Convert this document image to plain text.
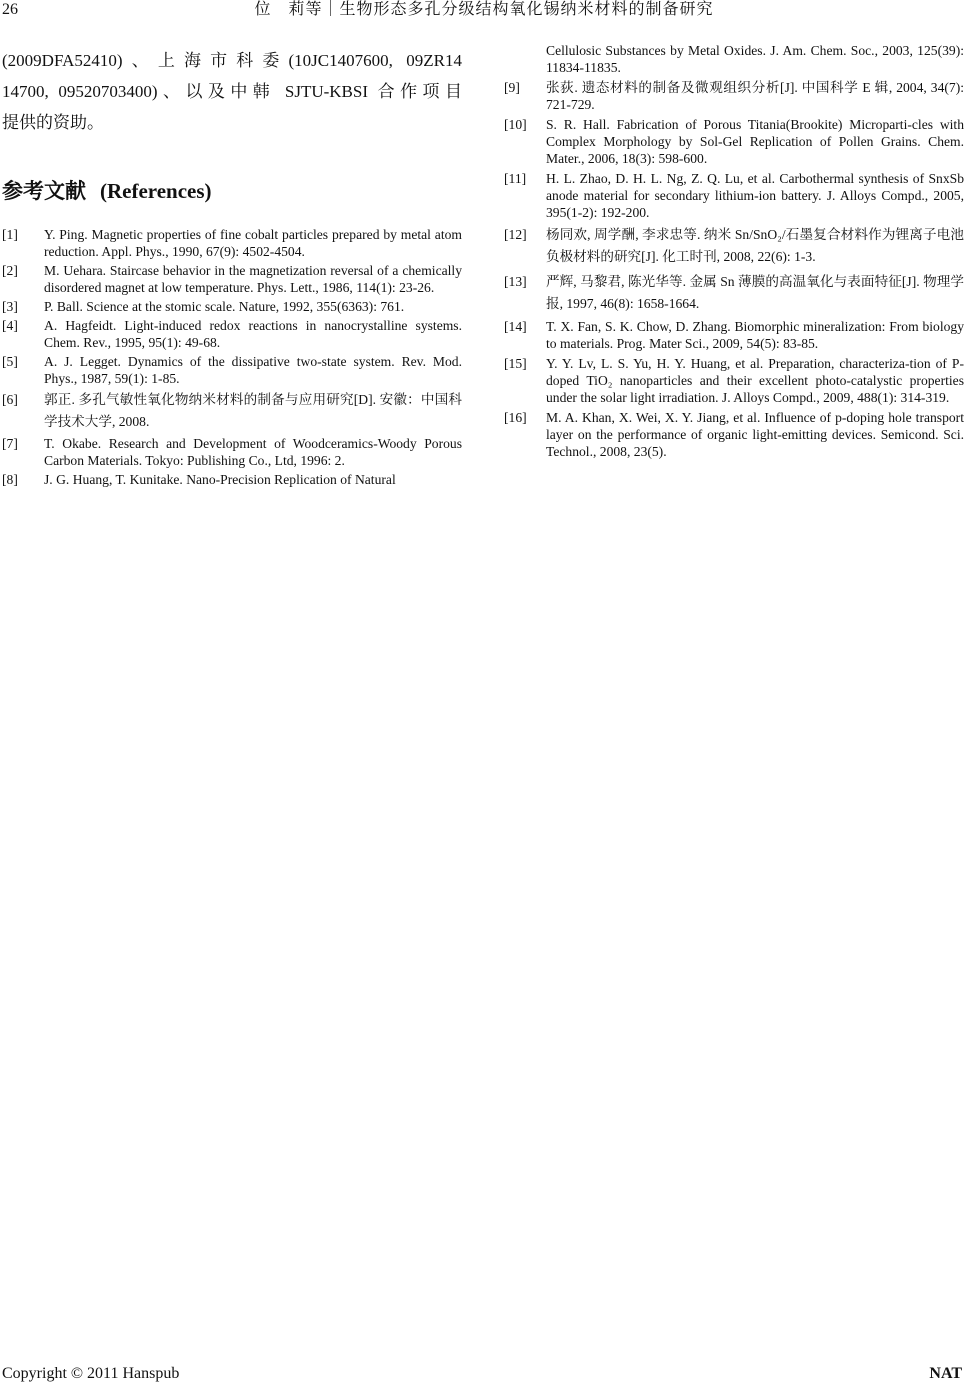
26	位　莉等｜生物形态多孔分级结构氧化锡纳米材料的制备研究

(2009DFA52410)、上海市科委(10JC1407600, 09ZR14
14700, 09520703400)、以及中韩 SJTU-KBSI 合作项目
提供的资助。

参考文献 (References)
[1] Y. Ping. Magnetic properties of fine cobalt particles prepared by metal atom reduction. Appl. Phys., 1990, 67(9): 4502-4504.
[2] M. Uehara. Staircase behavior in the magnetization reversal of a chemically disordered magnet at low temperature. Phys. Lett., 1986, 114(1): 23-26.
[3] P. Ball. Science at the stomic scale. Nature, 1992, 355(6363): 761.
[4] A. Hagfeidt. Light-induced redox reactions in nanocrystalline systems. Chem. Rev., 1995, 95(1): 49-68.
[5] A. J. Legget. Dynamics of the dissipative two-state system. Rev. Mod. Phys., 1987, 59(1): 1-85.
[6] 郭正. 多孔气敏性氧化物纳米材料的制备与应用研究[D]. 安徽：中国科学技术大学, 2008.
[7] T. Okabe. Research and Development of Woodceramics-Woody Porous Carbon Materials. Tokyo: Publishing Co., Ltd, 1996: 2.
[8] J. G. Huang, T. Kunitake. Nano-Precision Replication of Natural
Cellulosic Substances by Metal Oxides. J. Am. Chem. Soc., 2003, 125(39): 11834-11835.
[9] 张荻. 遗态材料的制备及微观组织分析[J]. 中国科学 E 辑, 2004, 34(7): 721-729.
[10] S. R. Hall. Fabrication of Porous Titania(Brookite) Microparti-cles with Complex Morphology by Sol-Gel Replication of Pollen Grains. Chem. Mater., 2006, 18(3): 598-600.
[11] H. L. Zhao, D. H. L. Ng, Z. Q. Lu, et al. Carbothermal synthesis of SnxSb anode material for secondary lithium-ion battery. J. Alloys Compd., 2005, 395(1-2): 192-200.
[12] 杨同欢, 周学酬, 李求忠等. 纳米 Sn/SnO₂/石墨复合材料作为锂离子电池负极材料的研究[J]. 化工时刊, 2008, 22(6): 1-3.
[13] 严辉, 马黎君, 陈光华等. 金属 Sn 薄膜的高温氧化与表面特征[J]. 物理学报, 1997, 46(8): 1658-1664.
[14] T. X. Fan, S. K. Chow, D. Zhang. Biomorphic mineralization: From biology to materials. Prog. Mater Sci., 2009, 54(5): 83-85.
[15] Y. Y. Lv, L. S. Yu, H. Y. Huang, et al. Preparation, characteriza-tion of P-doped TiO₂ nanoparticles and their excellent photo-catalystic properties under the solar light irradiation. J. Alloys Compd., 2009, 488(1): 314-319.
[16] M. A. Khan, X. Wei, X. Y. Jiang, et al. Influence of p-doping hole transport layer on the performance of organic light-emitting devices. Semicond. Sci. Technol., 2008, 23(5).
Copyright © 2011 Hanspub	NAT
